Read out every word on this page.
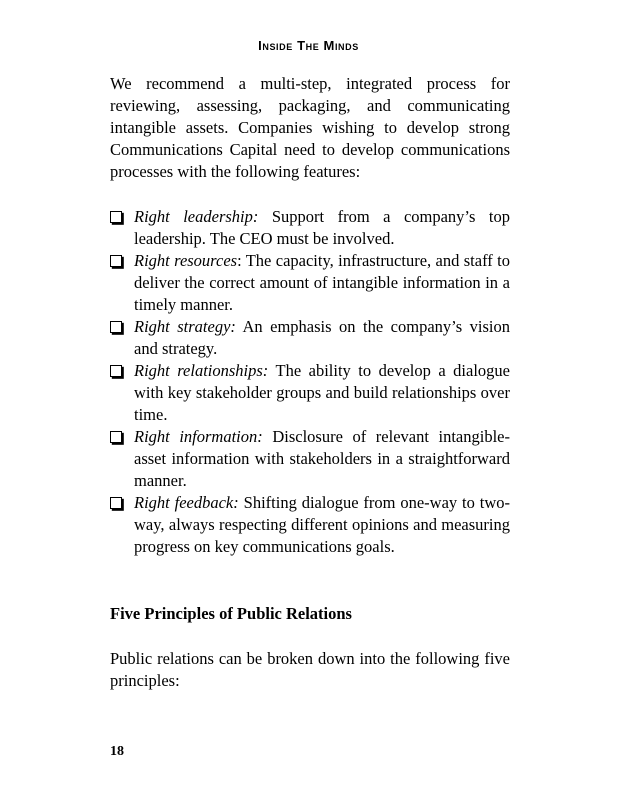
Inside The Minds

We recommend a multi-step, integrated process for reviewing, assessing, packaging, and communicating intangible assets. Companies wishing to develop strong Communications Capital need to develop communications processes with the following features:

Right leadership: Support from a company’s top leadership. The CEO must be involved.
Right resources: The capacity, infrastructure, and staff to deliver the correct amount of intangible information in a timely manner.
Right strategy: An emphasis on the company’s vision and strategy.
Right relationships: The ability to develop a dialogue with key stakeholder groups and build relationships over time.
Right information: Disclosure of relevant intangible-asset information with stakeholders in a straightforward manner.
Right feedback: Shifting dialogue from one-way to two-way, always respecting different opinions and measuring progress on key communications goals.
Five Principles of Public Relations

Public relations can be broken down into the following five principles:

18
